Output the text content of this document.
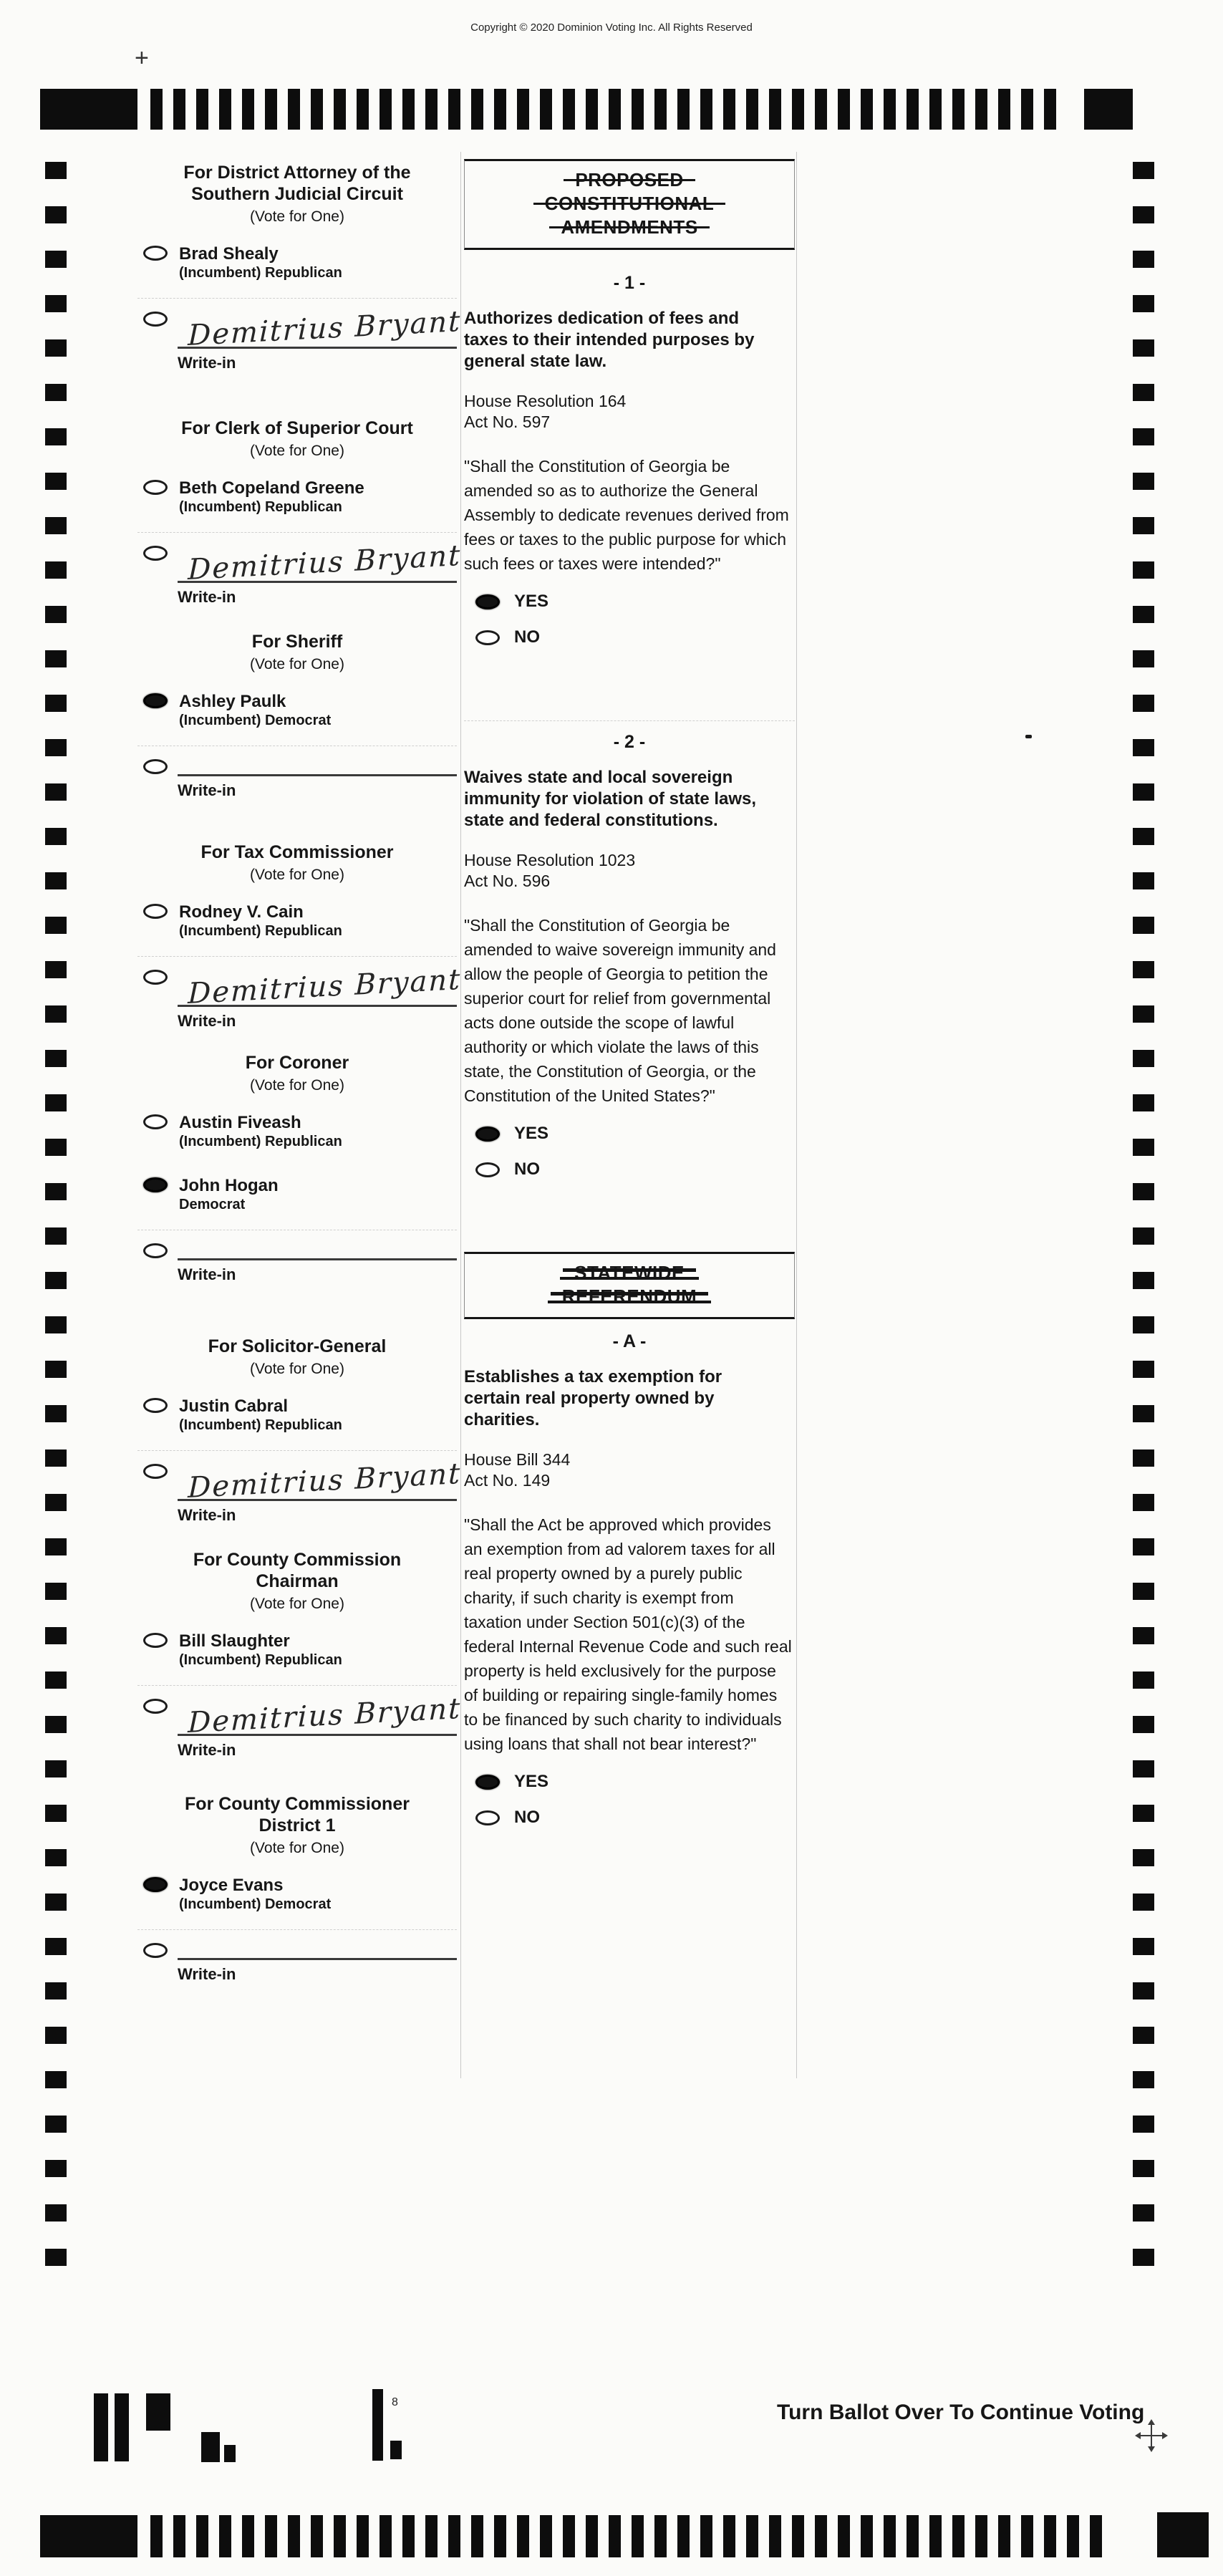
Copyright © 2020 Dominion Voting Inc. All Rights Reserved
+
For District Attorney of the
Southern Judicial Circuit
(Vote for One)
Brad Shealy
(Incumbent) Republican
Demitrius Bryant
Write-in
For Clerk of Superior Court
(Vote for One)
Beth Copeland Greene
(Incumbent) Republican
Demitrius Bryant
Write-in
For Sheriff
(Vote for One)
Ashley Paulk
(Incumbent) Democrat
Write-in
For Tax Commissioner
(Vote for One)
Rodney V. Cain
(Incumbent) Republican
Demitrius Bryant
Write-in
For Coroner
(Vote for One)
Austin Fiveash
(Incumbent) Republican
John Hogan
Democrat
Write-in
For Solicitor-General
(Vote for One)
Justin Cabral
(Incumbent) Republican
Demitrius Bryant
Write-in
For County Commission
Chairman
(Vote for One)
Bill Slaughter
(Incumbent) Republican
Demitrius Bryant
Write-in
For County Commissioner
District 1
(Vote for One)
Joyce Evans
(Incumbent) Democrat
Write-in
PROPOSED
CONSTITUTIONAL
AMENDMENTS
- 1 -

Authorizes dedication of fees and taxes to their intended purposes by general state law.

House Resolution 164
Act No. 597

"Shall the Constitution of Georgia be amended so as to authorize the General Assembly to dedicate revenues derived from fees or taxes to the public purpose for which such fees or taxes were intended?"

YES
NO
- 2 -

Waives state and local sovereign immunity for violation of state laws, state and federal constitutions.

House Resolution 1023
Act No. 596

"Shall the Constitution of Georgia be amended to waive sovereign immunity and allow the people of Georgia to petition the superior court for relief from governmental acts done outside the scope of lawful authority or which violate the laws of this state, the Constitution of Georgia, or the Constitution of the United States?"

YES
NO
STATEWIDE
REFERENDUM
- A -

Establishes a tax exemption for certain real property owned by charities.

House Bill 344
Act No. 149

"Shall the Act be approved which provides an exemption from ad valorem taxes for all real property owned by a purely public charity, if such charity is exempt from taxation under Section 501(c)(3) of the federal Internal Revenue Code and such real property is held exclusively for the purpose of building or repairing single-family homes to be financed by such charity to individuals using loans that shall not bear interest?"

YES
NO
8	Turn Ballot Over To Continue Voting
